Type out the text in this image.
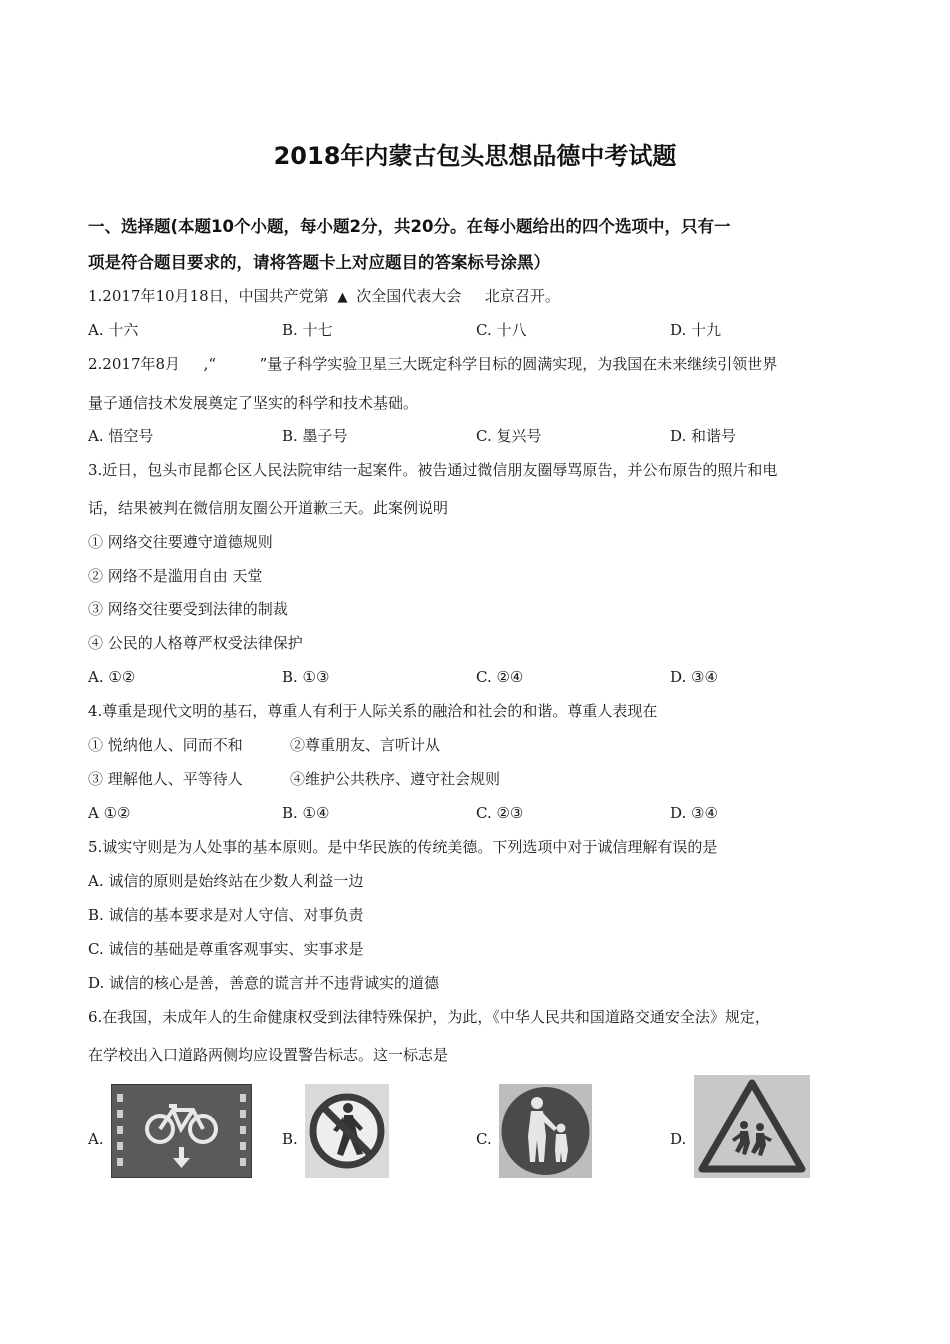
2018年内蒙古包头思想品德中考试题
一、选择题(本题10个小题，每小题2分，共20分。在每小题给出的四个选项中，只有一
项是符合题目要求的，请将答题卡上对应题目的答案标号涂黑）
1.2017年10月18日，中国共产党第 ▲ 次全国代表大会 北京召开。
A. 十六	B. 十七	C. 十八	D. 十九
2.2017年8月 ,“	”量子科学实验卫星三大既定科学目标的圆满实现，为我国在未来继续引领世界
量子通信技术发展奠定了坚实的科学和技术基础。
A. 悟空号	B. 墨子号	C. 复兴号	D. 和谐号
3.近日，包头市昆都仑区人民法院审结一起案件。被告通过微信朋友圈辱骂原告，并公布原告的照片和电
话，结果被判在微信朋友圈公开道歉三天。此案例说明
① 网络交往要遵守道德规则
② 网络不是滥用自由 天堂
③ 网络交往要受到法律的制裁
④ 公民的人格尊严权受法律保护
A. ①②	B. ①③	C. ②④	D. ③④
4.尊重是现代文明的基石，尊重人有利于人际关系的融洽和社会的和谐。尊重人表现在
① 悦纳他人、同而不和	②尊重朋友、言听计从
③ 理解他人、平等待人	④维护公共秩序、遵守社会规则
A ①②	B. ①④	C. ②③	D. ③④
5.诚实守则是为人处事的基本原则。是中华民族的传统美德。下列选项中对于诚信理解有误的是
A. 诚信的原则是始终站在少数人利益一边
B. 诚信的基本要求是对人守信、对事负责
C. 诚信的基础是尊重客观事实、实事求是
D. 诚信的核心是善，善意的谎言并不违背诚实的道德
6.在我国，未成年人的生命健康权受到法律特殊保护，为此，《中华人民共和国道路交通安全法》规定，
在学校出入口道路两侧均应设置警告标志。这一标志是
A.	B.	C.	D.
